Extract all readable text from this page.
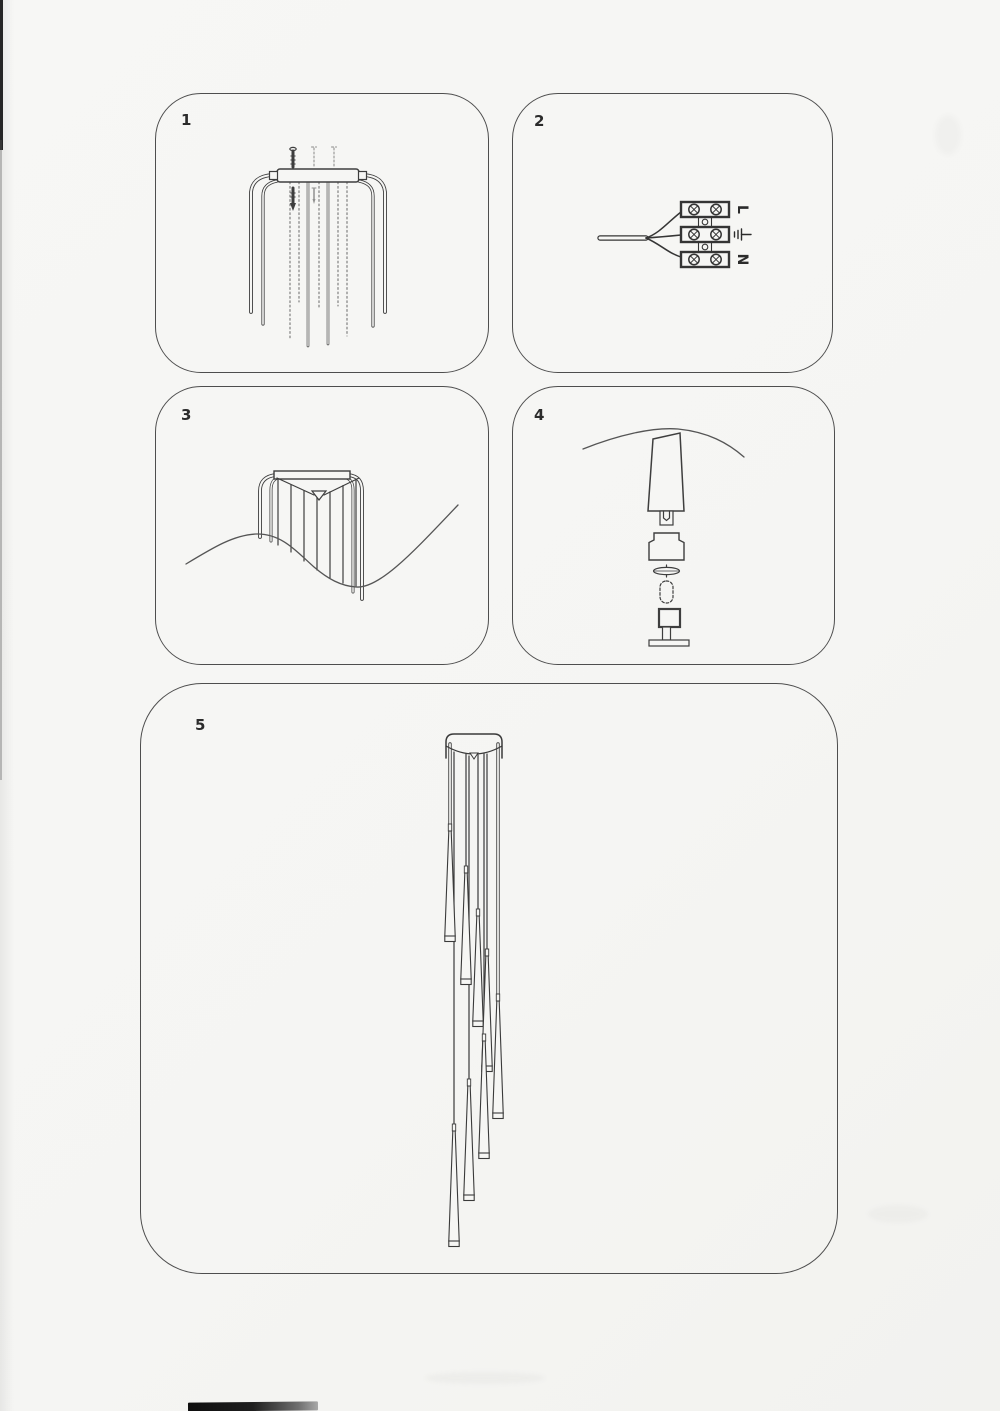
1	2
L
N
3	4
5
